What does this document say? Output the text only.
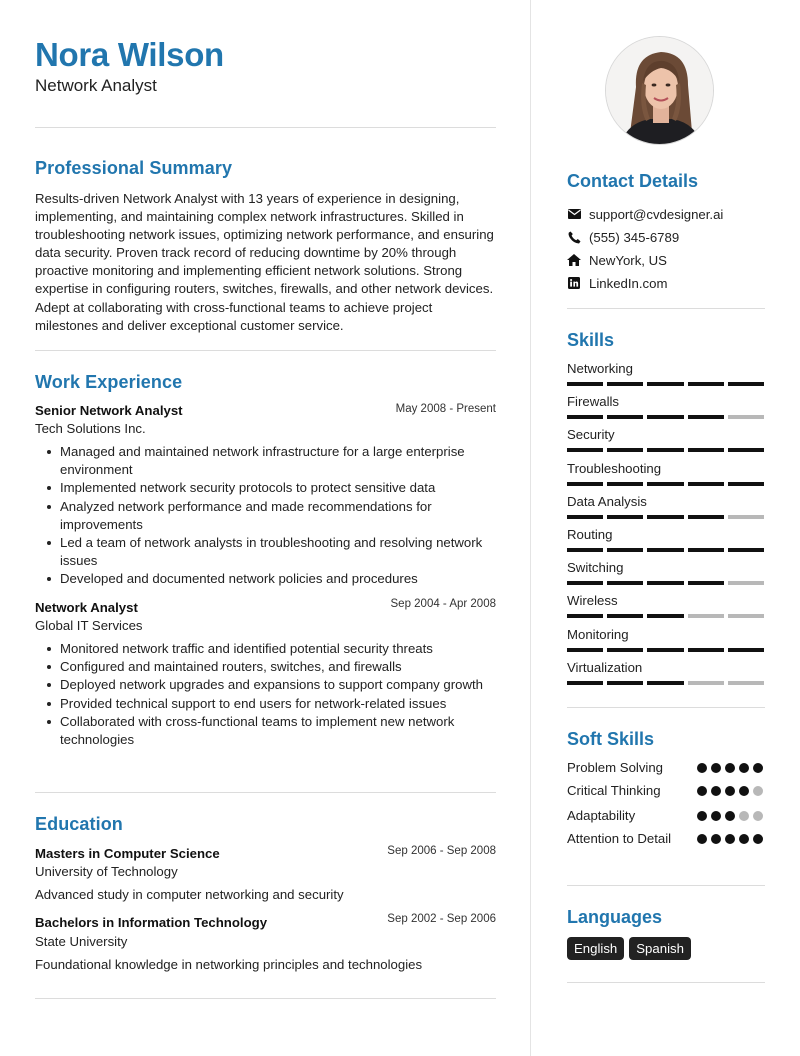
Nora Wilson
Network Analyst
Professional Summary
Results-driven Network Analyst with 13 years of experience in designing, implementing, and maintaining complex network infrastructures. Skilled in troubleshooting network issues, optimizing network performance, and ensuring data security. Proven track record of reducing downtime by 20% through proactive monitoring and implementing efficient network solutions. Strong expertise in configuring routers, switches, firewalls, and other network devices. Adept at collaborating with cross-functional teams to achieve project milestones and deliver exceptional customer service.
Work Experience
Senior Network Analyst	May 2008 - Present
Tech Solutions Inc.
Managed and maintained network infrastructure for a large enterprise environment
Implemented network security protocols to protect sensitive data
Analyzed network performance and made recommendations for improvements
Led a team of network analysts in troubleshooting and resolving network issues
Developed and documented network policies and procedures
Network Analyst	Sep 2004 - Apr 2008
Global IT Services
Monitored network traffic and identified potential security threats
Configured and maintained routers, switches, and firewalls
Deployed network upgrades and expansions to support company growth
Provided technical support to end users for network-related issues
Collaborated with cross-functional teams to implement new network technologies
Education
Masters in Computer Science	Sep 2006 - Sep 2008
University of Technology
Advanced study in computer networking and security
Bachelors in Information Technology	Sep 2002 - Sep 2006
State University
Foundational knowledge in networking principles and technologies
Contact Details
support@cvdesigner.ai
(555) 345-6789
NewYork, US
LinkedIn.com
Skills
Networking
Firewalls
Security
Troubleshooting
Data Analysis
Routing
Switching
Wireless
Monitoring
Virtualization
Soft Skills
Problem Solving
Critical Thinking
Adaptability
Attention to Detail
Languages
English	Spanish
